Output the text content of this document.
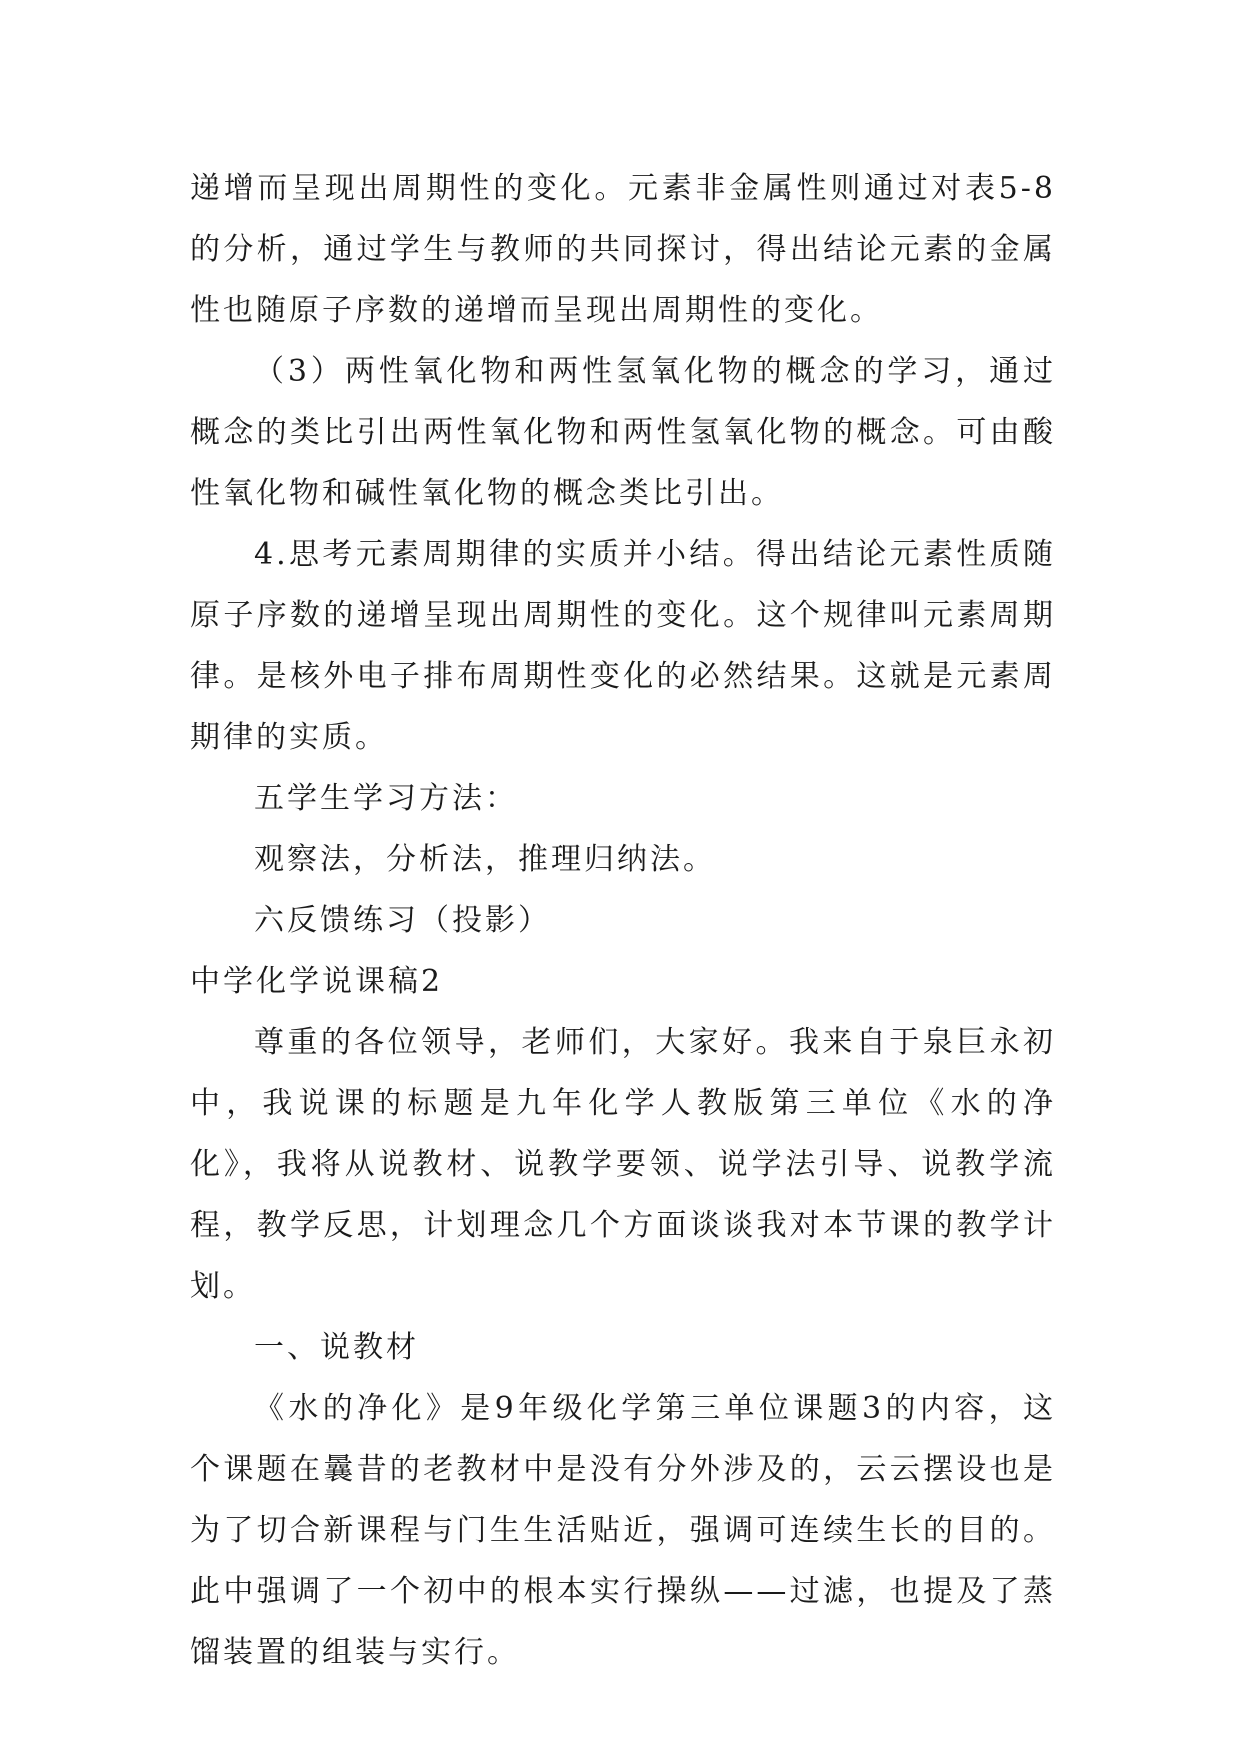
递增而呈现出周期性的变化。元素非金属性则通过对表5-8的分析，通过学生与教师的共同探讨，得出结论元素的金属性也随原子序数的递增而呈现出周期性的变化。

（3）两性氧化物和两性氢氧化物的概念的学习，通过概念的类比引出两性氧化物和两性氢氧化物的概念。可由酸性氧化物和碱性氧化物的概念类比引出。

4.思考元素周期律的实质并小结。得出结论元素性质随原子序数的递增呈现出周期性的变化。这个规律叫元素周期律。是核外电子排布周期性变化的必然结果。这就是元素周期律的实质。

五学生学习方法：

观察法，分析法，推理归纳法。

六反馈练习（投影）

中学化学说课稿2

尊重的各位领导，老师们，大家好。我来自于泉巨永初中，我说课的标题是九年化学人教版第三单位《水的净化》，我将从说教材、说教学要领、说学法引导、说教学流程，教学反思，计划理念几个方面谈谈我对本节课的教学计划。

一、说教材

《水的净化》是9年级化学第三单位课题3的内容，这个课题在曩昔的老教材中是没有分外涉及的，云云摆设也是为了切合新课程与门生生活贴近，强调可连续生长的目的。此中强调了一个初中的根本实行操纵——过滤，也提及了蒸馏装置的组装与实行。
